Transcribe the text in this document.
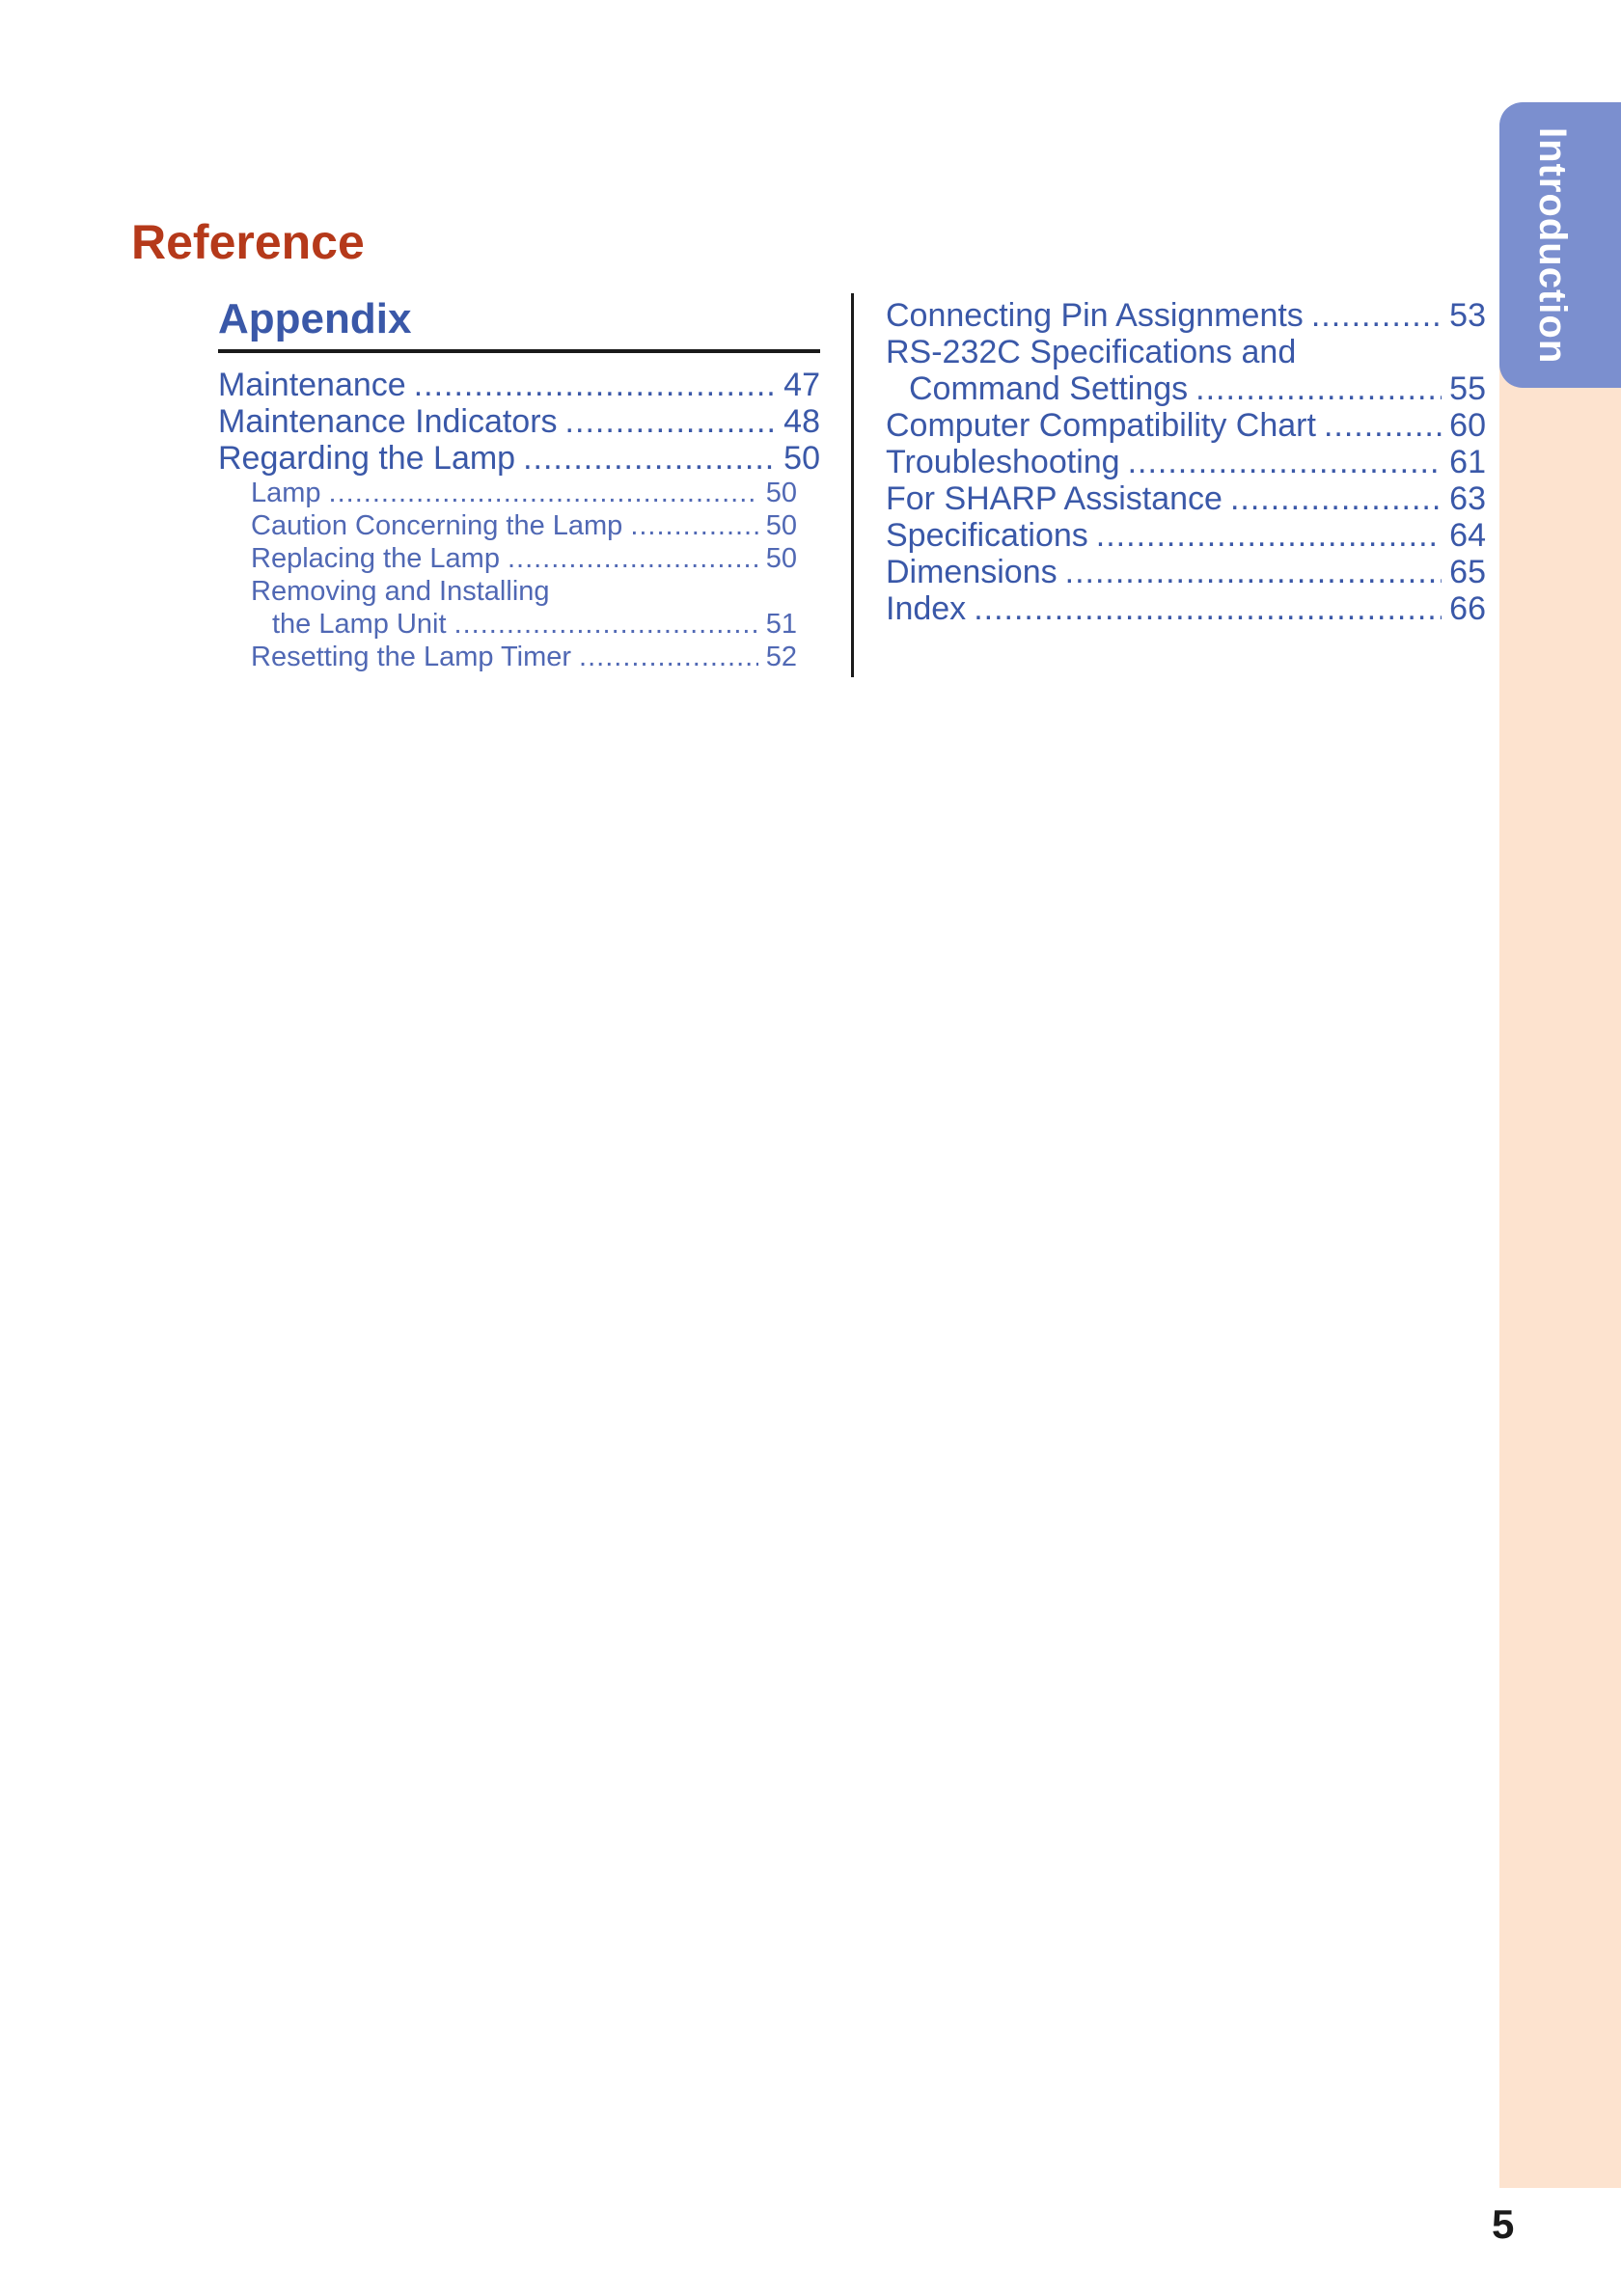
Introduction
Reference
Appendix
Maintenance .....	47
Maintenance Indicators .....	48
Regarding the Lamp .....	50
Lamp .....	50
Caution Concerning the Lamp .....	50
Replacing the Lamp .....	50
Removing and Installing
the Lamp Unit .....	51
Resetting the Lamp Timer .....	52
Connecting Pin Assignments .....	53
RS-232C Specifications and
Command Settings .....	55
Computer Compatibility Chart .....	60
Troubleshooting .....	61
For SHARP Assistance .....	63
Specifications .....	64
Dimensions .....	65
Index .....	66
5
